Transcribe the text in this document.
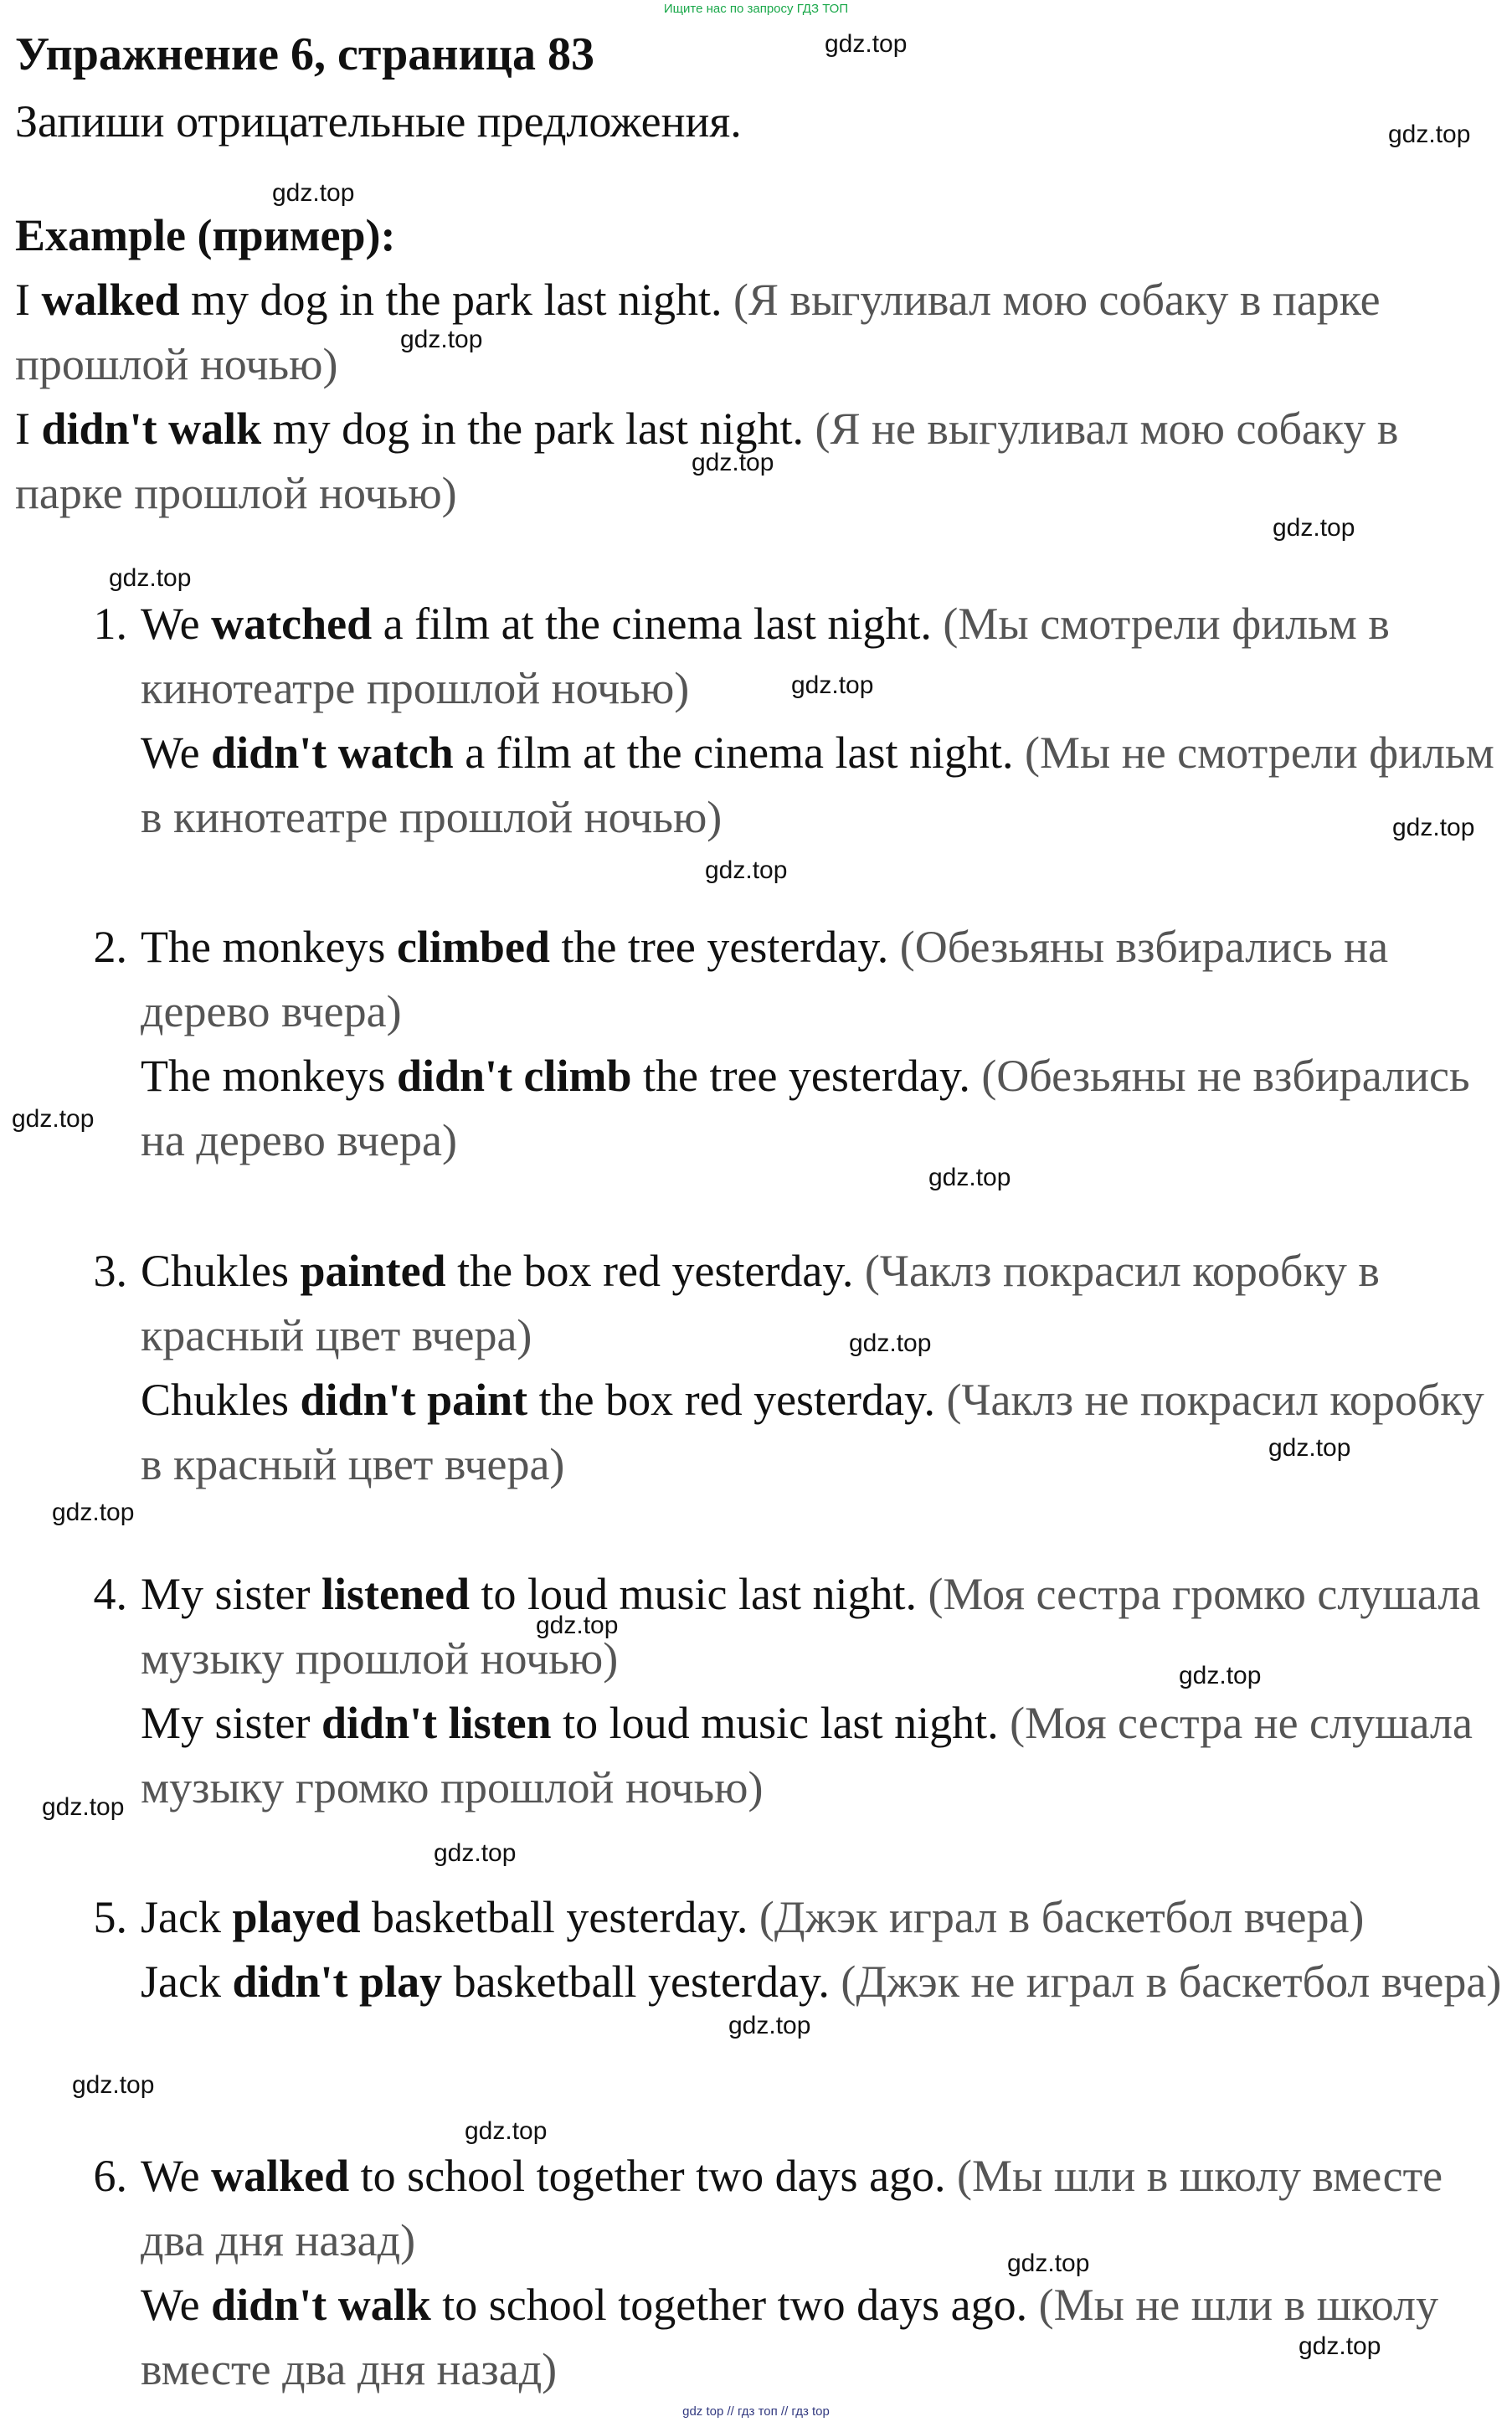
Ищите нас по запросу ГДЗ ТОП
Упражнение 6, страница 83
Запиши отрицательные предложения.
Example (пример):

I walked my dog in the park last night. (Я выгуливал мою собаку в парке прошлой ночью)

I didn't walk my dog in the park last night. (Я не выгуливал мою собаку в парке прошлой ночью)

1. We watched a film at the cinema last night. (Мы смотрели фильм в кинотеатре прошлой ночью)

We didn't watch a film at the cinema last night. (Мы не смотрели фильм в кинотеатре прошлой ночью)

2. The monkeys climbed the tree yesterday. (Обезьяны взбирались на дерево вчера)

The monkeys didn't climb the tree yesterday. (Обезьяны не взбирались на дерево вчера)

3. Chukles painted the box red yesterday. (Чаклз покрасил коробку в красный цвет вчера)

Chukles didn't paint the box red yesterday. (Чаклз не покрасил коробку в красный цвет вчера)

4. My sister listened to loud music last night. (Моя сестра громко слушала музыку прошлой ночью)

My sister didn't listen to loud music last night. (Моя сестра не слушала музыку громко прошлой ночью)

5. Jack played basketball yesterday. (Джэк играл в баскетбол вчера)

Jack didn't play basketball yesterday. (Джэк не играл в баскетбол вчера)

6. We walked to school together two days ago. (Мы шли в школу вместе два дня назад)

We didn't walk to school together two days ago. (Мы не шли в школу вместе два дня назад)

gdz.top
gdz.top
gdz.top
gdz.top
gdz.top
gdz.top
gdz.top
gdz.top
gdz.top
gdz.top
gdz.top
gdz.top
gdz.top
gdz.top
gdz.top
gdz.top
gdz.top
gdz.top
gdz.top
gdz.top
gdz.top
gdz.top
gdz.top
gdz.top
gdz top // гдз топ // гдз top
